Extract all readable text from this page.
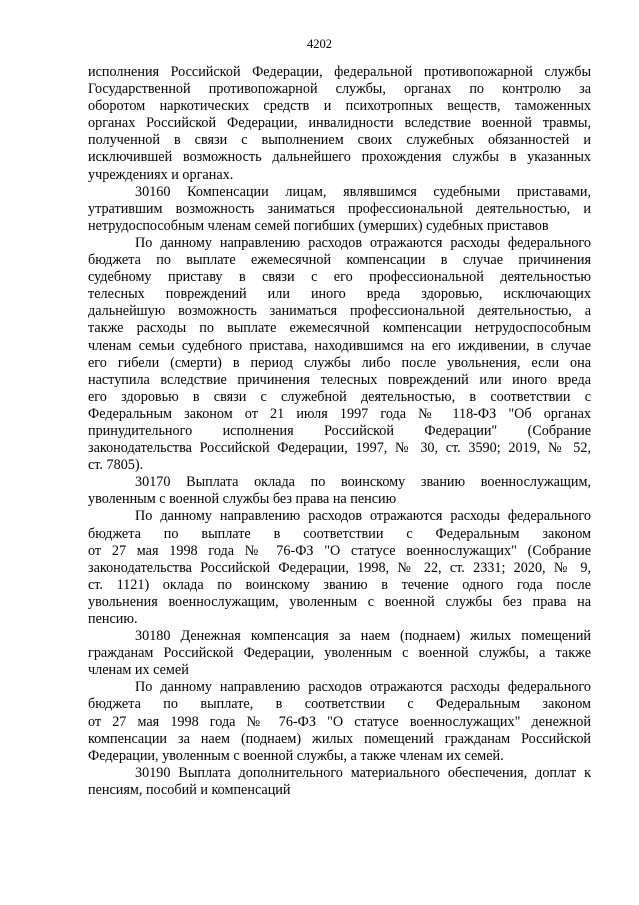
4202
исполнения Российской Федерации, федеральной противопожарной службы
Государственной противопожарной службы, органах по контролю за
оборотом наркотических средств и психотропных веществ, таможенных
органах Российской Федерации, инвалидности вследствие военной травмы,
полученной в связи с выполнением своих служебных обязанностей и
исключившей возможность дальнейшего прохождения службы в указанных
учреждениях и органах.
30160 Компенсации лицам, являвшимся судебными приставами,
утратившим возможность заниматься профессиональной деятельностью, и
нетрудоспособным членам семей погибших (умерших) судебных приставов
По данному направлению расходов отражаются расходы федерального
бюджета по выплате ежемесячной компенсации в случае причинения
судебному приставу в связи с его профессиональной деятельностью
телесных повреждений или иного вреда здоровью, исключающих
дальнейшую возможность заниматься профессиональной деятельностью, а
также расходы по выплате ежемесячной компенсации нетрудоспособным
членам семьи судебного пристава, находившимся на его иждивении, в случае
его гибели (смерти) в период службы либо после увольнения, если она
наступила вследствие причинения телесных повреждений или иного вреда
его здоровью в связи с служебной деятельностью, в соответствии с
Федеральным законом от 21 июля 1997 года № 118-ФЗ "Об органах
принудительного исполнения Российской Федерации" (Собрание
законодательства Российской Федерации, 1997, № 30, ст. 3590; 2019, № 52,
ст. 7805).
30170 Выплата оклада по воинскому званию военнослужащим,
уволенным с военной службы без права на пенсию
По данному направлению расходов отражаются расходы федерального
бюджета по выплате в соответствии с Федеральным законом
от 27 мая 1998 года № 76-ФЗ "О статусе военнослужащих" (Собрание
законодательства Российской Федерации, 1998, № 22, ст. 2331; 2020, № 9,
ст. 1121) оклада по воинскому званию в течение одного года после
увольнения военнослужащим, уволенным с военной службы без права на
пенсию.
30180 Денежная компенсация за наем (поднаем) жилых помещений
гражданам Российской Федерации, уволенным с военной службы, а также
членам их семей
По данному направлению расходов отражаются расходы федерального
бюджета по выплате, в соответствии с Федеральным законом
от 27 мая 1998 года № 76-ФЗ "О статусе военнослужащих" денежной
компенсации за наем (поднаем) жилых помещений гражданам Российской
Федерации, уволенным с военной службы, а также членам их семей.
30190 Выплата дополнительного материального обеспечения, доплат к
пенсиям, пособий и компенсаций
